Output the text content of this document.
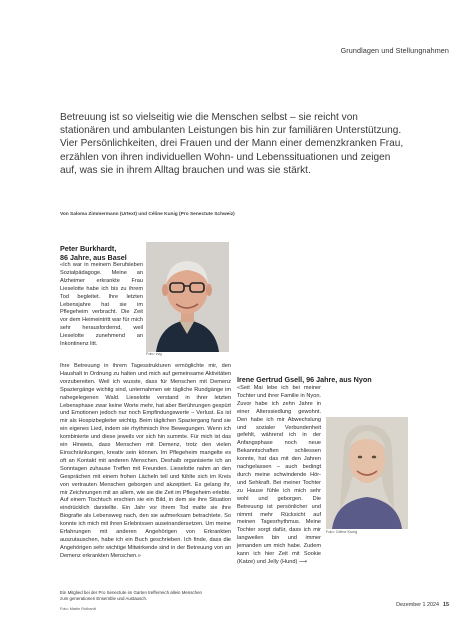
Grundlagen und Stellungnahmen

Betreuung ist so vielseitig wie die Menschen selbst – sie reicht von stationären und ambulanten Leistungen bis hin zur familiären Unterstützung. Vier Persönlichkeiten, drei Frauen und der Mann einer demenzkranken Frau, erzählen von ihren individuellen Wohn- und Lebenssituationen und zeigen auf, was sie in ihrem Alltag brauchen und was sie stärkt.

Von Saloma Zimmermann (Urtext) und Céline Kunig (Pro Senectute Schweiz)
Peter Burkhardt,
86 Jahre, aus Basel
Foto: zvg

«Ich war in meinem Berufsleben Sozialpädagoge. Meine an Alzheimer erkrankte Frau Lieselotte habe ich bis zu ihrem Tod begleitet. Ihre letzten Lebensjahre hat sie im Pflegeheim verbracht. Die Zeit vor dem Heimeintritt war für mich sehr herausfordernd, weil Lieselotte zunehmend an Inkontinenz litt.

Ihre Betreuung in ihrem Tagesstrukturen ermöglichte mir, den Haushalt in Ordnung zu halten und mich auf gemeinsame Aktivitäten vorzubereiten. Weil ich wusste, dass für Menschen mit Demenz Spaziergänge wichtig sind, unternahmen wir tägliche Rundgänge im nahegelegenen Wald. Lieselotte verstand in ihrer letzten Lebensphase zwar keine Worte mehr, hat aber Berührungen gespürt und Emotionen jedoch nur noch Empfindungswerte – Verlust. Es ist mir als Hospizbegleiter wichtig. Beim täglichen Spaziergang fand sie ein eigenes Lied, indem sie rhythmisch ihre Bewegungen. Wenn ich kombinierte und diese jeweils vor sich hin summte. Für mich ist das ein Hinweis, dass Menschen mit Demenz, trotz den vielen Einschränkungen, kreativ sein können. Im Pflegeheim mangelte es oft an Kontakt mit anderen Menschen. Deshalb organisierte ich an Sonntagen zuhause Treffen mit Freunden. Lieselotte nahm an den Gesprächen mit einem frohen Lächeln teil und fühlte sich im Kreis von vertrauten Menschen geborgen und akzeptiert. Es gelang ihr, mir Zeichnungen mit an allem, wie sie die Zeit im Pflegeheim erlebte. Auf einem Tischtuch erschien sie ein Bild, in dem sie ihre Situation eindrücklich darstellte. Ein Jahr vor ihrem Tod malte sie ihre Biografie als Lebensweg nach, den sie aufmerksam betrachtete. So konnte ich mich mit ihren Erlebnissen auseinandersetzen. Um meine Erfahrungen mit anderen Angehörigen von Erkrankten auszutauschen, habe ich ein Buch geschrieben. Ich finde, dass die Angehörigen sehr wichtige Mitwirkende sind in der Betreuung von an Demenz erkrankten Menschen.»

Ein Mitglied bei der Pro Senectute im Garten trefferreich allein Menschen zum generationen Ensemble und Austausch.
Foto: Martin Ruthardt

Irene Gertrud Gsell, 96 Jahre, aus Nyon
Foto: Céline Kunig

«Seit Mai lebe ich bei meiner Tochter und ihrer Familie in Nyon. Zuvor habe ich zehn Jahre in einer Alterssiedlung gewohnt. Den habe ich mir Abwechslung und sozialer Verbundenheit gefehlt, während ich in der Anfangsphase noch neue Bekanntschaften schliessen konnte, hat das mit den Jahren nachgelassen – auch bedingt durch meine schwindende Hör- und Sehkraft. Bei meiner Tochter zu Hause fühle ich mich sehr wohl und geborgen. Die Betreuung ist persönlicher und nimmt mehr Rücksicht auf meinen Tagesrhythmus. Meine Tochter sorgt dafür, dass ich mir langweilen bin und immer jemanden um mich habe. Zudem kann ich hier Zeit mit Sookie (Katze) und Jelly (Hund) ⟶

Dezember 1 2024 15
